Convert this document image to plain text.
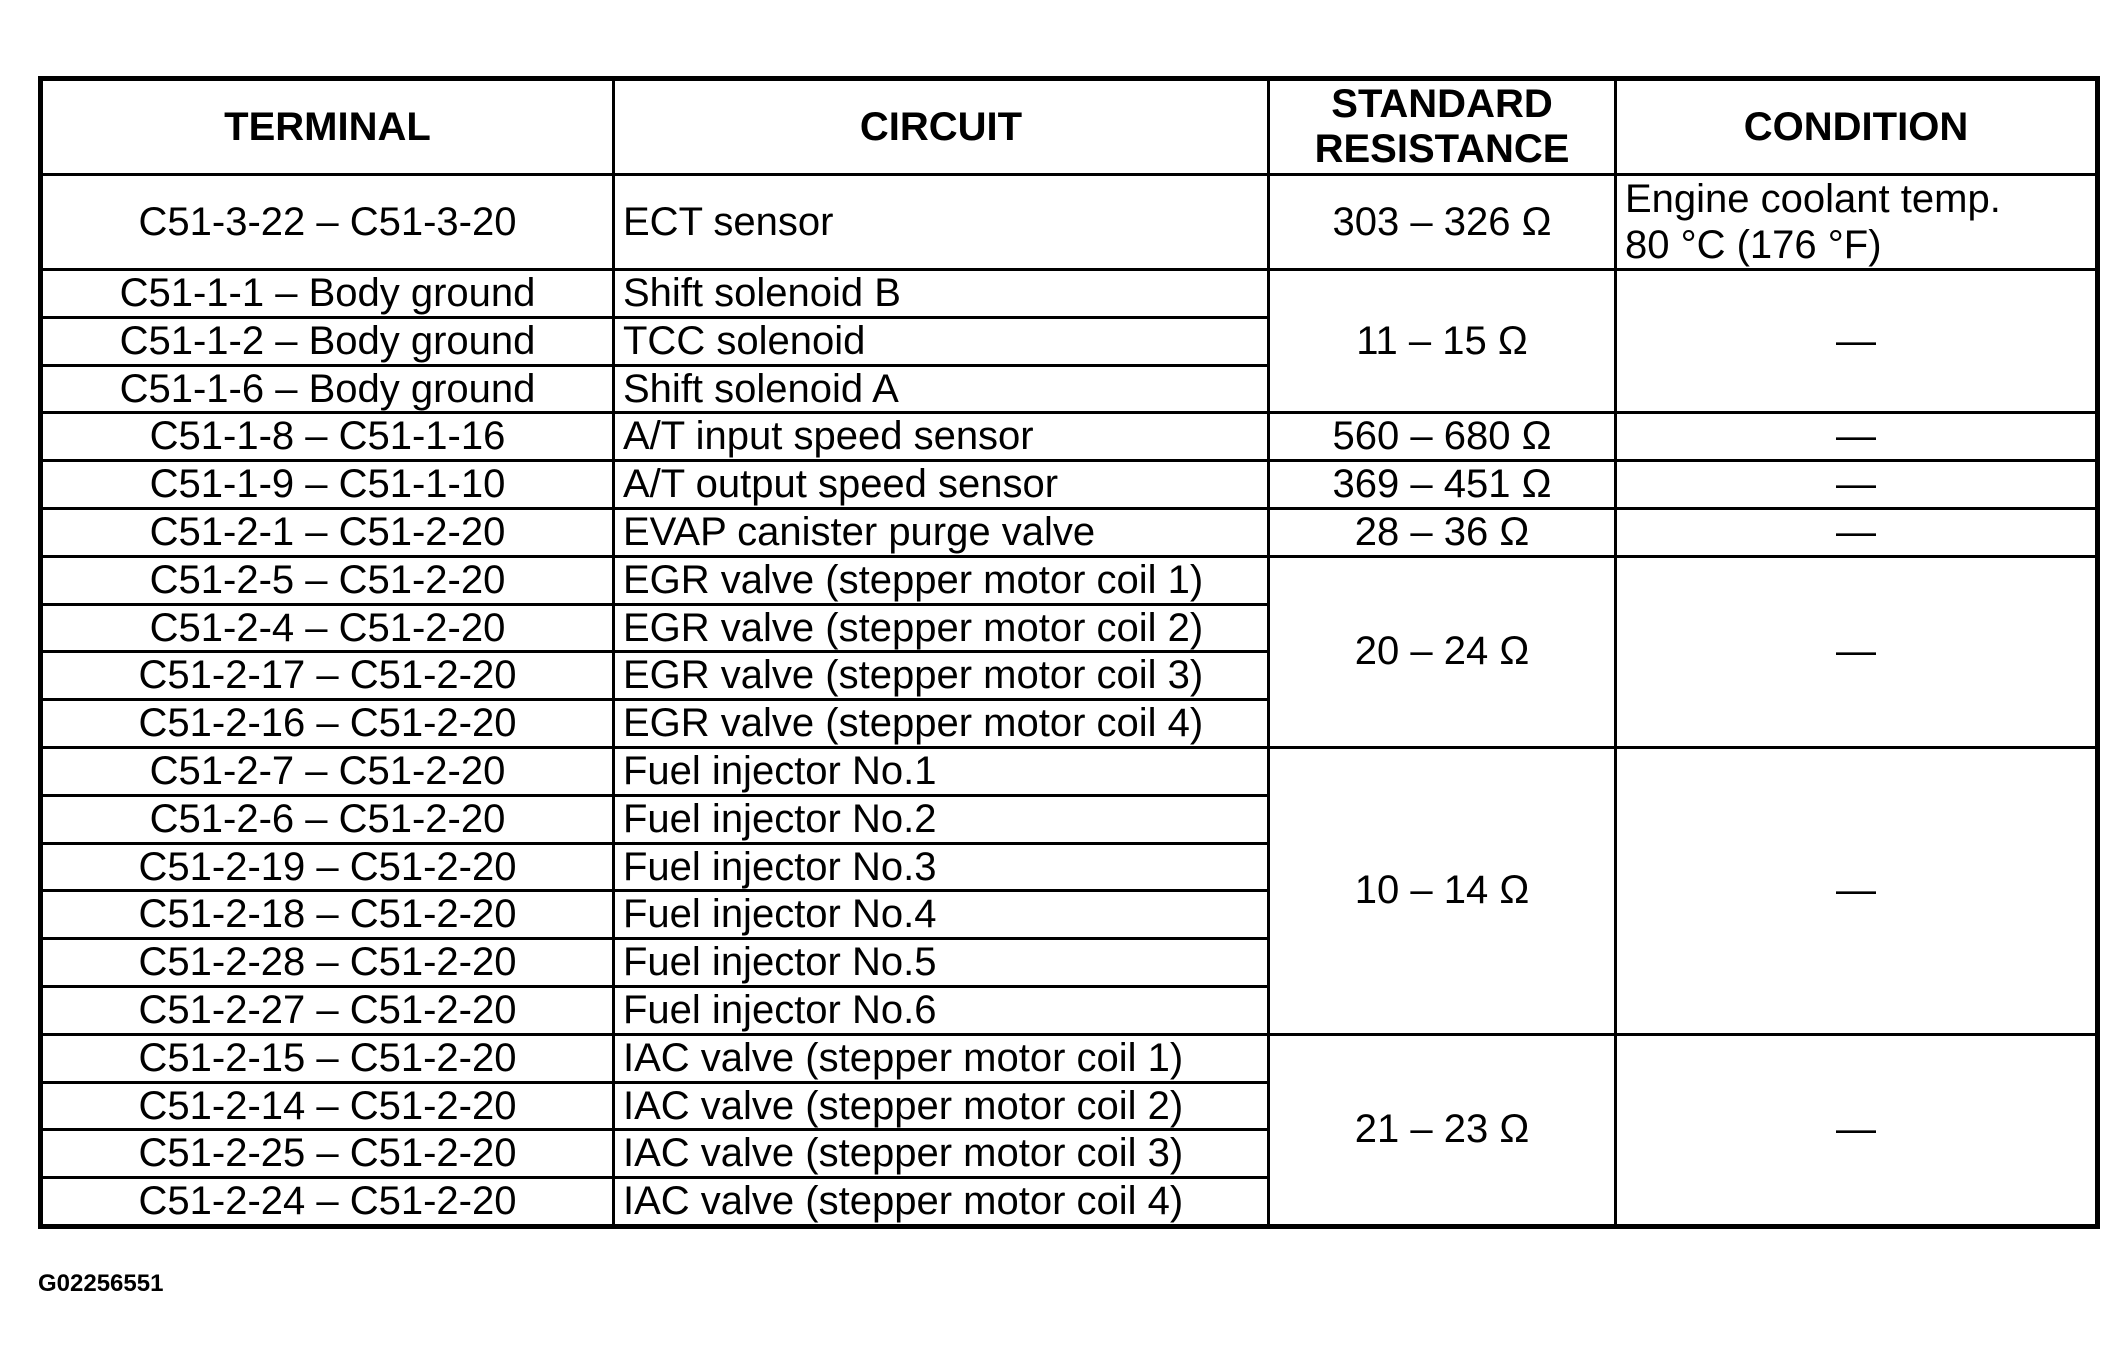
TERMINAL	CIRCUIT	STANDARD
RESISTANCE	CONDITION
C51-3-22 – C51-3-20	ECT sensor	303 – 326 Ω	Engine coolant temp.
80 °C (176 °F)
C51-1-1 – Body ground	Shift solenoid B	11 – 15 Ω	—
C51-1-2 – Body ground	TCC solenoid		
C51-1-6 – Body ground	Shift solenoid A		
C51-1-8 – C51-1-16	A/T input speed sensor	560 – 680 Ω	—
C51-1-9 – C51-1-10	A/T output speed sensor	369 – 451 Ω	—
C51-2-1 – C51-2-20	EVAP canister purge valve	28 – 36 Ω	—
C51-2-5 – C51-2-20	EGR valve (stepper motor coil 1)	20 – 24 Ω	—
C51-2-4 – C51-2-20	EGR valve (stepper motor coil 2)		
C51-2-17 – C51-2-20	EGR valve (stepper motor coil 3)		
C51-2-16 – C51-2-20	EGR valve (stepper motor coil 4)		
C51-2-7 – C51-2-20	Fuel injector No.1	10 – 14 Ω	—
C51-2-6 – C51-2-20	Fuel injector No.2		
C51-2-19 – C51-2-20	Fuel injector No.3		
C51-2-18 – C51-2-20	Fuel injector No.4		
C51-2-28 – C51-2-20	Fuel injector No.5		
C51-2-27 – C51-2-20	Fuel injector No.6		
C51-2-15 – C51-2-20	IAC valve (stepper motor coil 1)	21 – 23 Ω	—
C51-2-14 – C51-2-20	IAC valve (stepper motor coil 2)		
C51-2-25 – C51-2-20	IAC valve (stepper motor coil 3)		
C51-2-24 – C51-2-20	IAC valve (stepper motor coil 4)		
G02256551
